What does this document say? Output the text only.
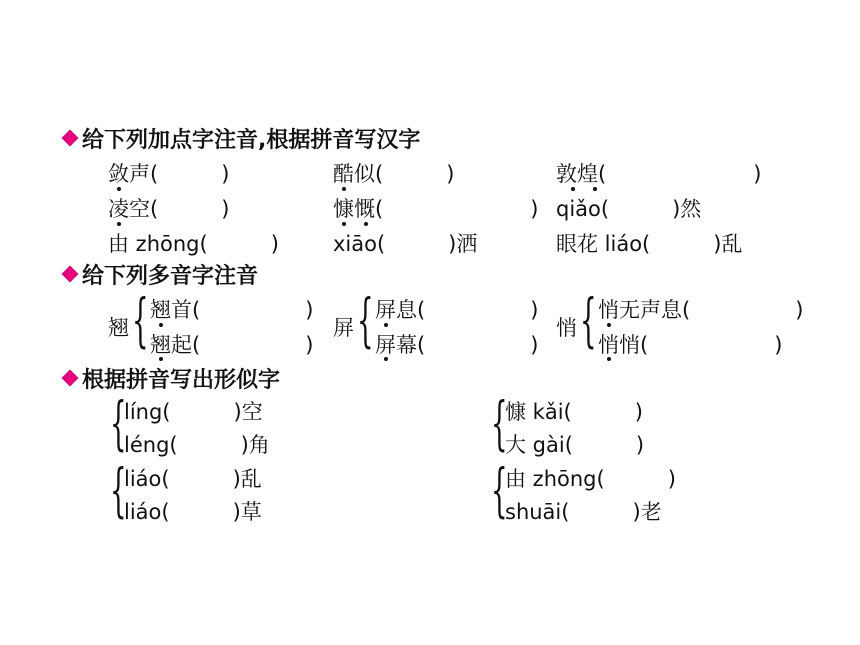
给下列加点字注音,根据拼音写汉字
敛声(　　　)	酷似(　　　)	敦煌(　　　　　　　)
凌空(　　　)	慷慨(　　　　　　　) qiǎo(　　　)然
由 zhōng(　　　)	xiāo(　　　)洒	眼花 liáo(　　　)乱
给下列多音字注音
翘 { 翘首(　　　　　)
翘起(　　　　　)
屏 { 屏息(　　　　　)
屏幕(　　　　　)
悄 { 悄无声息(　　　　　)
悄悄(　　　　　　)
根据拼音写出形似字
{
líng(　　　)空
léng(　　　)角
{
liáo(　　　)乱
liáo(　　　)草
{
慷 kǎi(　　　)
大 gài(　　　)
{
由 zhōng(　　　)
shuāi(　　　)老
